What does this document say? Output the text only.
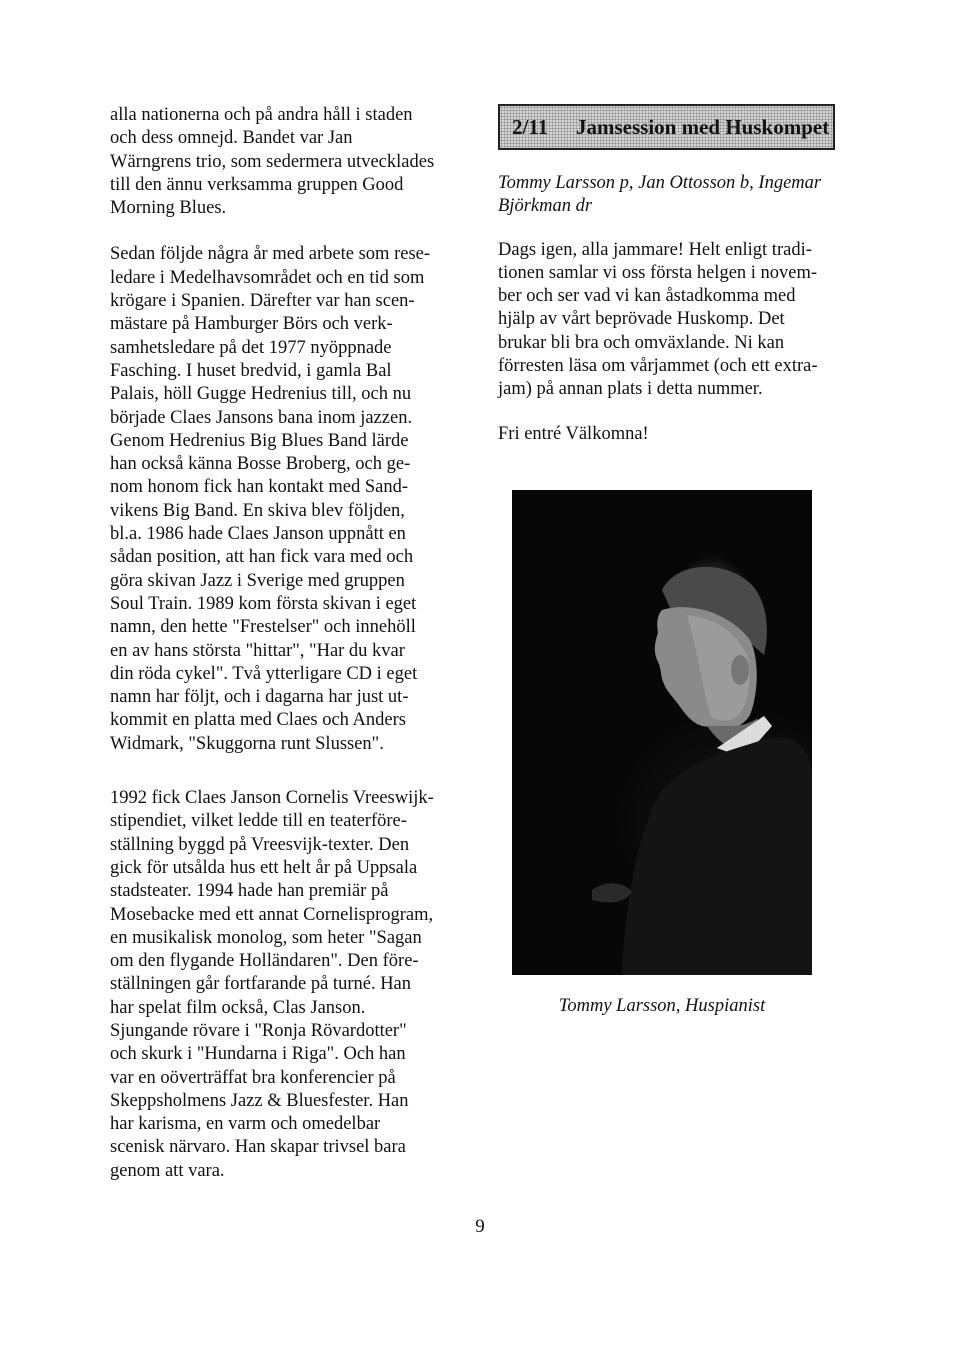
alla nationerna och på andra håll i staden
och dess omnejd. Bandet var Jan
Wärngrens trio, som sedermera utvecklades
till den ännu verksamma gruppen Good
Morning Blues.

Sedan följde några år med arbete som rese-
ledare i Medelhavsområdet och en tid som
krögare i Spanien. Därefter var han scen-
mästare på Hamburger Börs och verk-
samhetsledare på det 1977 nyöppnade
Fasching. I huset bredvid, i gamla Bal
Palais, höll Gugge Hedrenius till, och nu
började Claes Jansons bana inom jazzen.
Genom Hedrenius Big Blues Band lärde
han också känna Bosse Broberg, och ge-
nom honom fick han kontakt med Sand-
vikens Big Band. En skiva blev följden,
bl.a. 1986 hade Claes Janson uppnått en
sådan position, att han fick vara med och
göra skivan Jazz i Sverige med gruppen
Soul Train. 1989 kom första skivan i eget
namn, den hette "Frestelser" och innehöll
en av hans största "hittar", "Har du kvar
din röda cykel". Två ytterligare CD i eget
namn har följt, och i dagarna har just ut-
kommit en platta med Claes och Anders
Widmark, "Skuggorna runt Slussen".

1992 fick Claes Janson Cornelis Vreeswijk-
stipendiet, vilket ledde till en teaterföre-
ställning byggd på Vreesvijk-texter. Den
gick för utsålda hus ett helt år på Uppsala
stadsteater. 1994 hade han premiär på
Mosebacke med ett annat Cornelisprogram,
en musikalisk monolog, som heter "Sagan
om den flygande Holländaren". Den före-
ställningen går fortfarande på turné. Han
har spelat film också, Clas Janson.
Sjungande rövare i "Ronja Rövardotter"
och skurk i "Hundarna i Riga". Och han
var en oöverträffat bra konferencier på
Skeppsholmens Jazz & Bluesfester. Han
har karisma, en varm och omedelbar
scenisk närvaro. Han skapar trivsel bara
genom att vara.

2/11 Jamsession med Huskompet

Tommy Larsson p, Jan Ottosson b, Ingemar
Björkman dr

Dags igen, alla jammare! Helt enligt tradi-
tionen samlar vi oss första helgen i novem-
ber och ser vad vi kan åstadkomma med
hjälp av vårt beprövade Huskomp. Det
brukar bli bra och omväxlande. Ni kan
förresten läsa om vårjammet (och ett extra-
jam) på annan plats i detta nummer.

Fri entré Välkomna!

Tommy Larsson, Huspianist
9
